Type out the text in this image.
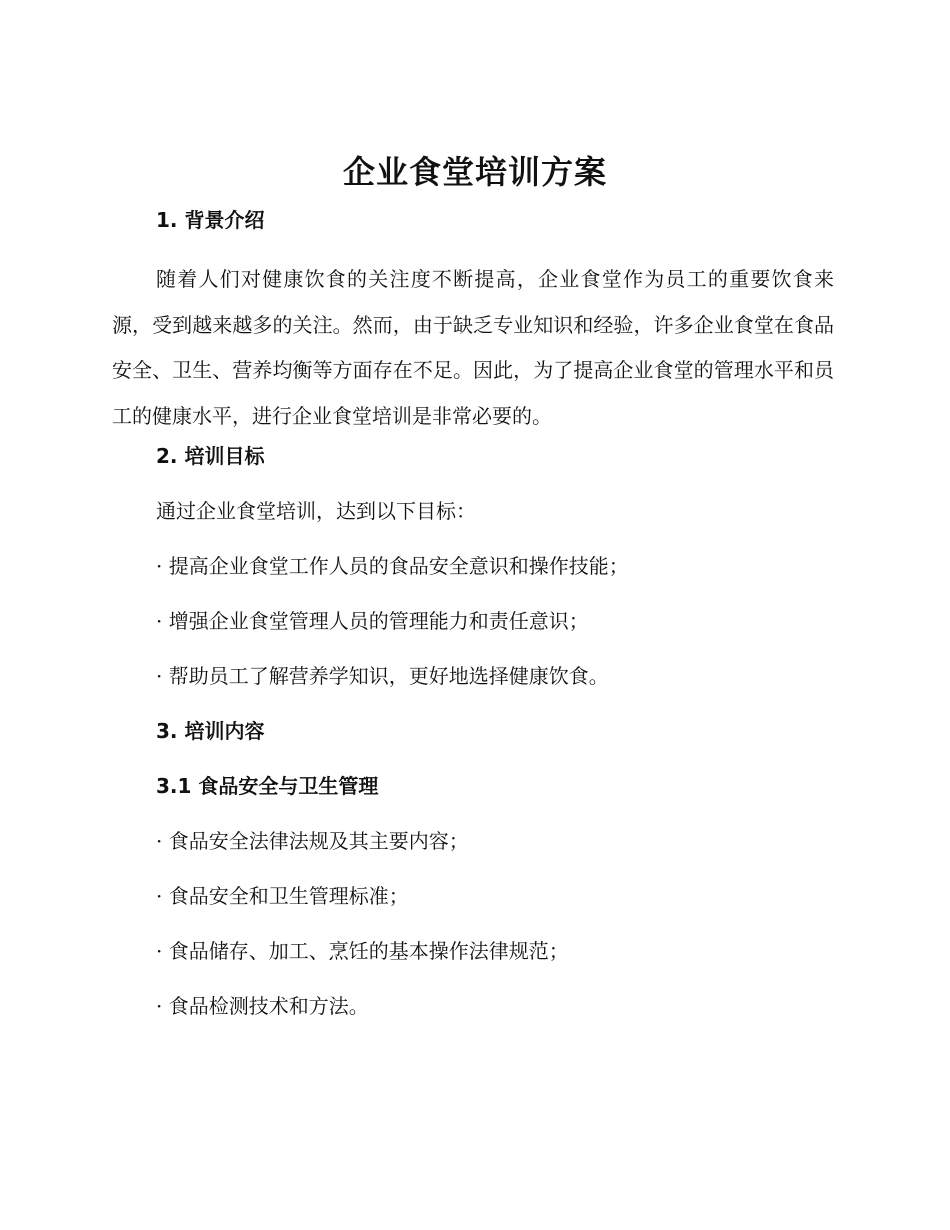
企业食堂培训方案
1. 背景介绍

随着人们对健康饮食的关注度不断提高，企业食堂作为员工的重要饮食来源，受到越来越多的关注。然而，由于缺乏专业知识和经验，许多企业食堂在食品安全、卫生、营养均衡等方面存在不足。因此，为了提高企业食堂的管理水平和员工的健康水平，进行企业食堂培训是非常必要的。

2. 培训目标

通过企业食堂培训，达到以下目标：

· 提高企业食堂工作人员的食品安全意识和操作技能；

· 增强企业食堂管理人员的管理能力和责任意识；

· 帮助员工了解营养学知识，更好地选择健康饮食。

3. 培训内容
3.1 食品安全与卫生管理

· 食品安全法律法规及其主要内容；

· 食品安全和卫生管理标准；

· 食品储存、加工、烹饪的基本操作法律规范；

· 食品检测技术和方法。
